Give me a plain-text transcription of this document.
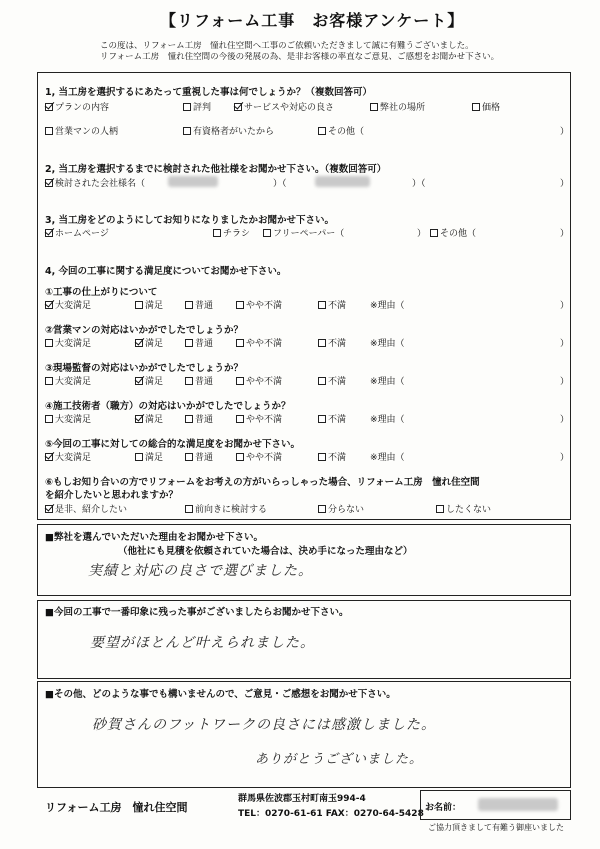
【リフォーム工事　お客様アンケート】
この度は、リフォーム工房　憧れ住空間へ工事のご依頼いただきまして誠に有難うございました。
リフォーム工房　憧れ住空間の今後の発展の為、是非お客様の率直なご意見、ご感想をお聞かせ下さい。
1, 当工房を選択するにあたって重視した事は何でしょうか？（複数回答可）
プランの内容	評判	サービスや対応の良さ	弊社の場所	価格
営業マンの人柄	有資格者がいたから	その他（	）
2, 当工房を選択するまでに検討された他社様をお聞かせ下さい。（複数回答可）
検討された会社様名（	）（	）（	）
3, 当工房をどのようにしてお知りになりましたかお聞かせ下さい。
ホームページ	チラシ	フリーペーパー（	） その他（	）
4, 今回の工事に関する満足度についてお聞かせ下さい。
①工事の仕上がりについて
大変満足	満足	普通	やや不満	不満	※理由（	）
②営業マンの対応はいかがでしたでしょうか？
大変満足	満足	普通	やや不満	不満	※理由（	）
③現場監督の対応はいかがでしたでしょうか？
大変満足	満足	普通	やや不満	不満	※理由（	）
④施工技術者（職方）の対応はいかがでしたでしょうか？
大変満足	満足	普通	やや不満	不満	※理由（	）
⑤今回の工事に対しての総合的な満足度をお聞かせ下さい。
大変満足	満足	普通	やや不満	不満	※理由（	）
⑥もしお知り合いの方でリフォームをお考えの方がいらっしゃった場合、リフォーム工房　憧れ住空間
を紹介したいと思われますか？
是非、紹介したい	前向きに検討する	分らない	したくない
■弊社を選んでいただいた理由をお聞かせ下さい。
（他社にも見積を依頼されていた場合は、決め手になった理由など）
実績と対応の良さで選びました。
■今回の工事で一番印象に残った事がございましたらお聞かせ下さい。
要望がほとんど叶えられました。
■その他、どのような事でも構いませんので、ご意見・ご感想をお聞かせ下さい。
砂賀さんのフットワークの良さには感激しました。
ありがとうございました。
リフォーム工房　憧れ住空間
群馬県佐波郡玉村町南玉994-4
TEL：0270-61-61 FAX：0270-64-5428
お名前：
ご協力頂きまして有難う御座いました
